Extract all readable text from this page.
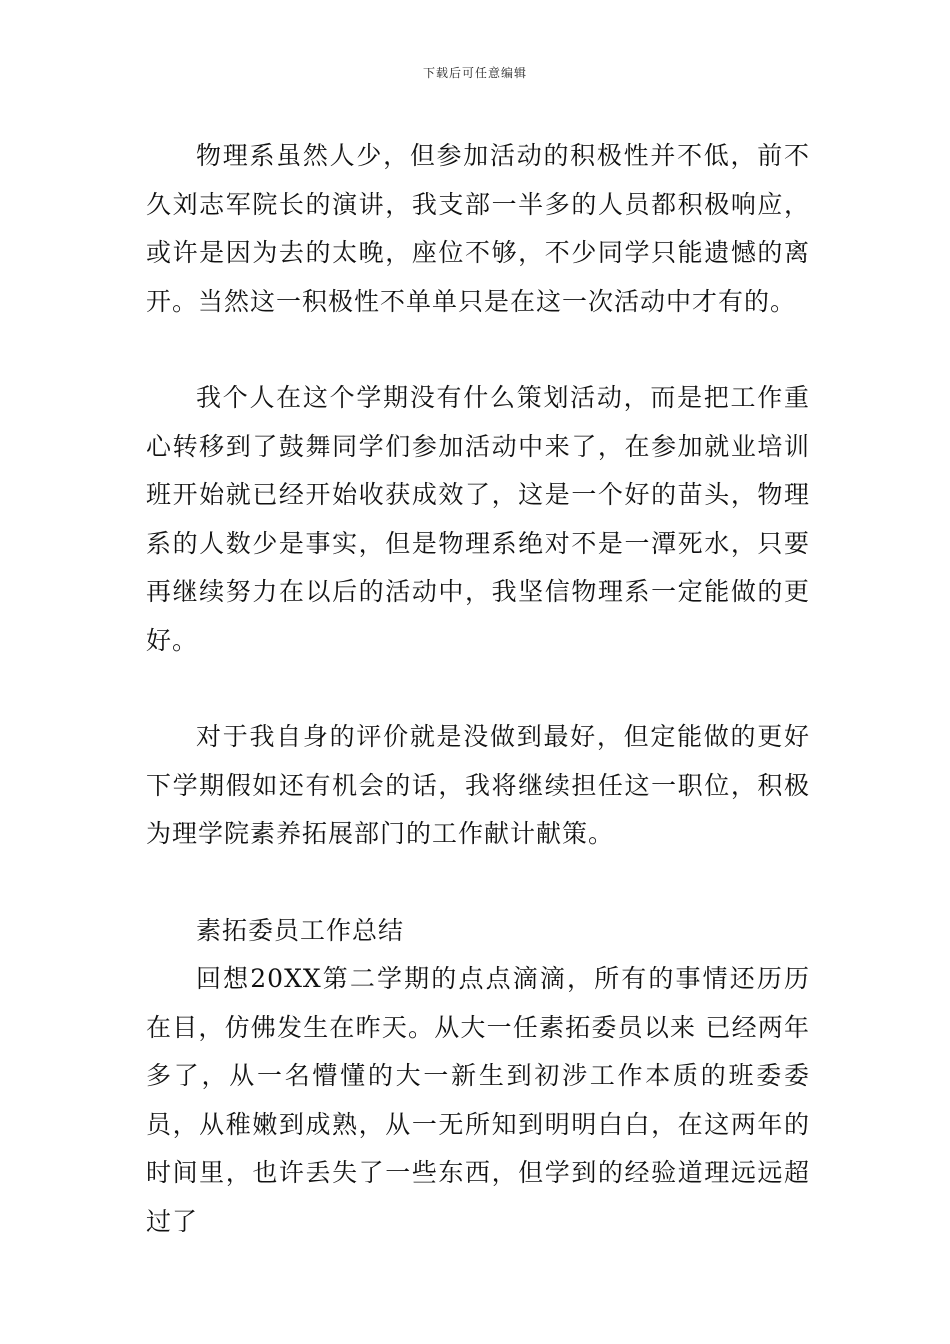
下载后可任意编辑

物理系虽然人少，但参加活动的积极性并不低，前不久刘志军院长的演讲，我支部一半多的人员都积极响应，或许是因为去的太晚，座位不够，不少同学只能遗憾的离开。当然这一积极性不单单只是在这一次活动中才有的。

我个人在这个学期没有什么策划活动，而是把工作重心转移到了鼓舞同学们参加活动中来了，在参加就业培训班开始就已经开始收获成效了，这是一个好的苗头，物理系的人数少是事实，但是物理系绝对不是一潭死水，只要再继续努力在以后的活动中，我坚信物理系一定能做的更好。

对于我自身的评价就是没做到最好，但定能做的更好下学期假如还有机会的话，我将继续担任这一职位，积极为理学院素养拓展部门的工作献计献策。

素拓委员工作总结

回想20XX第二学期的点点滴滴，所有的事情还历历在目，仿佛发生在昨天。从大一任素拓委员以来 已经两年多了，从一名懵懂的大一新生到初涉工作本质的班委委员，从稚嫩到成熟，从一无所知到明明白白，在这两年的时间里，也许丢失了一些东西，但学到的经验道理远远超过了
